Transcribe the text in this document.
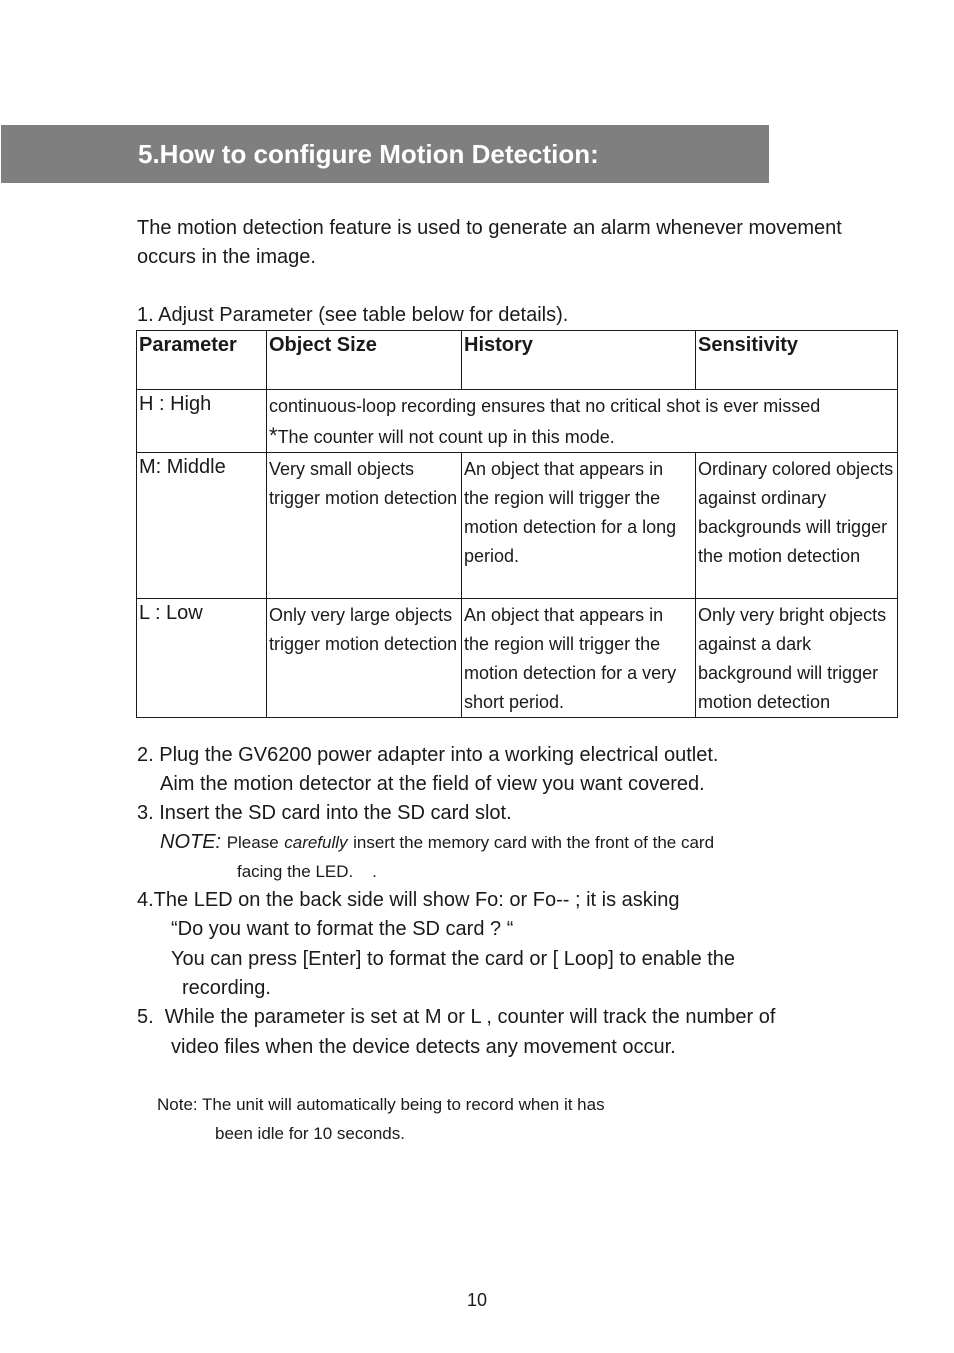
5.How to configure Motion Detection:

The motion detection feature is used to generate an alarm whenever movement occurs in the image.

1. Adjust Parameter (see table below for details).

Parameter	Object Size	History	Sensitivity
H : High	continuous-loop recording ensures that no critical shot is ever missed
*The counter will not count up in this mode.		

M: Middle	Very small objects trigger motion detection	An object that appears in the region will trigger the motion detection for a long period.	Ordinary colored objects against ordinary backgrounds will trigger the motion detection
L : Low	Only very large objects trigger motion detection	An object that appears in the region will trigger the motion detection for a very short period.	Only very bright objects against a dark background will trigger motion detection

2. Plug the GV6200 power adapter into a working electrical outlet.

Aim the motion detector at the field of view you want covered.

3. Insert the SD card into the SD card slot.

NOTE: Please carefully insert the memory card with the front of the card

facing the LED.    .

4.The LED on the back side will show Fo: or Fo-- ; it is asking

“Do you want to format the SD card ? “

You can press [Enter] to format the card or [ Loop] to enable the

recording.

5.  While the parameter is set at M or L , counter will track the number of

video files when the device detects any movement occur.

Note: The unit will automatically being to record when it has

been idle for 10 seconds.

10
